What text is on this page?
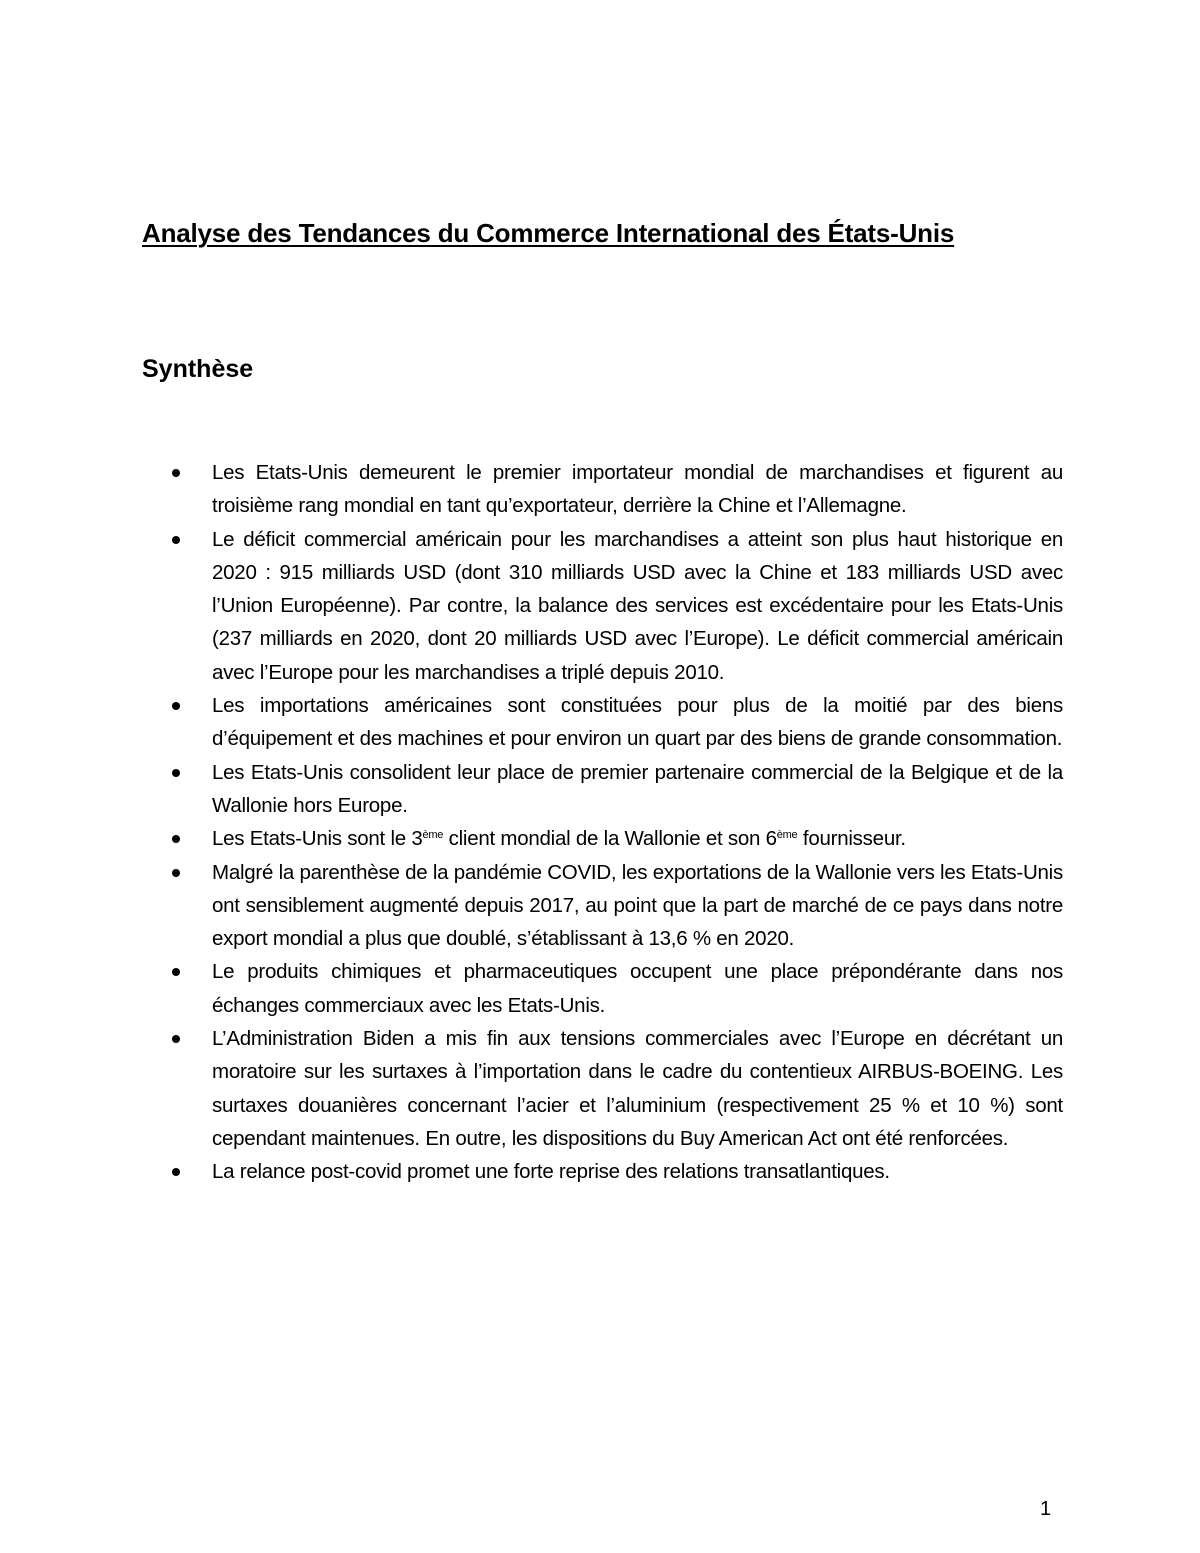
Analyse des Tendances du Commerce International des États-Unis
Synthèse
Les Etats-Unis demeurent le premier importateur mondial de marchandises et figurent au troisième rang mondial en tant qu’exportateur, derrière la Chine et l’Allemagne.
Le déficit commercial américain pour les marchandises a atteint son plus haut historique en 2020 : 915 milliards USD (dont 310 milliards USD avec la Chine et 183 milliards USD avec l’Union Européenne). Par contre, la balance des services est excédentaire pour les Etats-Unis (237 milliards en 2020, dont 20 milliards USD avec l’Europe). Le déficit commercial américain avec l’Europe pour les marchandises a triplé depuis 2010.
Les importations américaines sont constituées pour plus de la moitié par des biens d’équipement et des machines et pour environ un quart par des biens de grande consommation.
Les Etats-Unis consolident leur place de premier partenaire commercial de la Belgique et de la Wallonie hors Europe.
Les Etats-Unis sont le 3ème client mondial de la Wallonie et son 6ème fournisseur.
Malgré la parenthèse de la pandémie COVID, les exportations de la Wallonie vers les Etats-Unis ont sensiblement augmenté depuis 2017, au point que la part de marché de ce pays dans notre export mondial a plus que doublé, s’établissant à 13,6 % en 2020.
Le produits chimiques et pharmaceutiques occupent une place prépondérante dans nos échanges commerciaux avec les Etats-Unis.
L’Administration Biden a mis fin aux tensions commerciales avec l’Europe en décrétant un moratoire sur les surtaxes à l’importation dans le cadre du contentieux AIRBUS-BOEING. Les surtaxes douanières concernant l’acier et l’aluminium (respectivement 25 % et 10 %) sont cependant maintenues. En outre, les dispositions du Buy American Act ont été renforcées.
La relance post-covid promet une forte reprise des relations transatlantiques.

1
